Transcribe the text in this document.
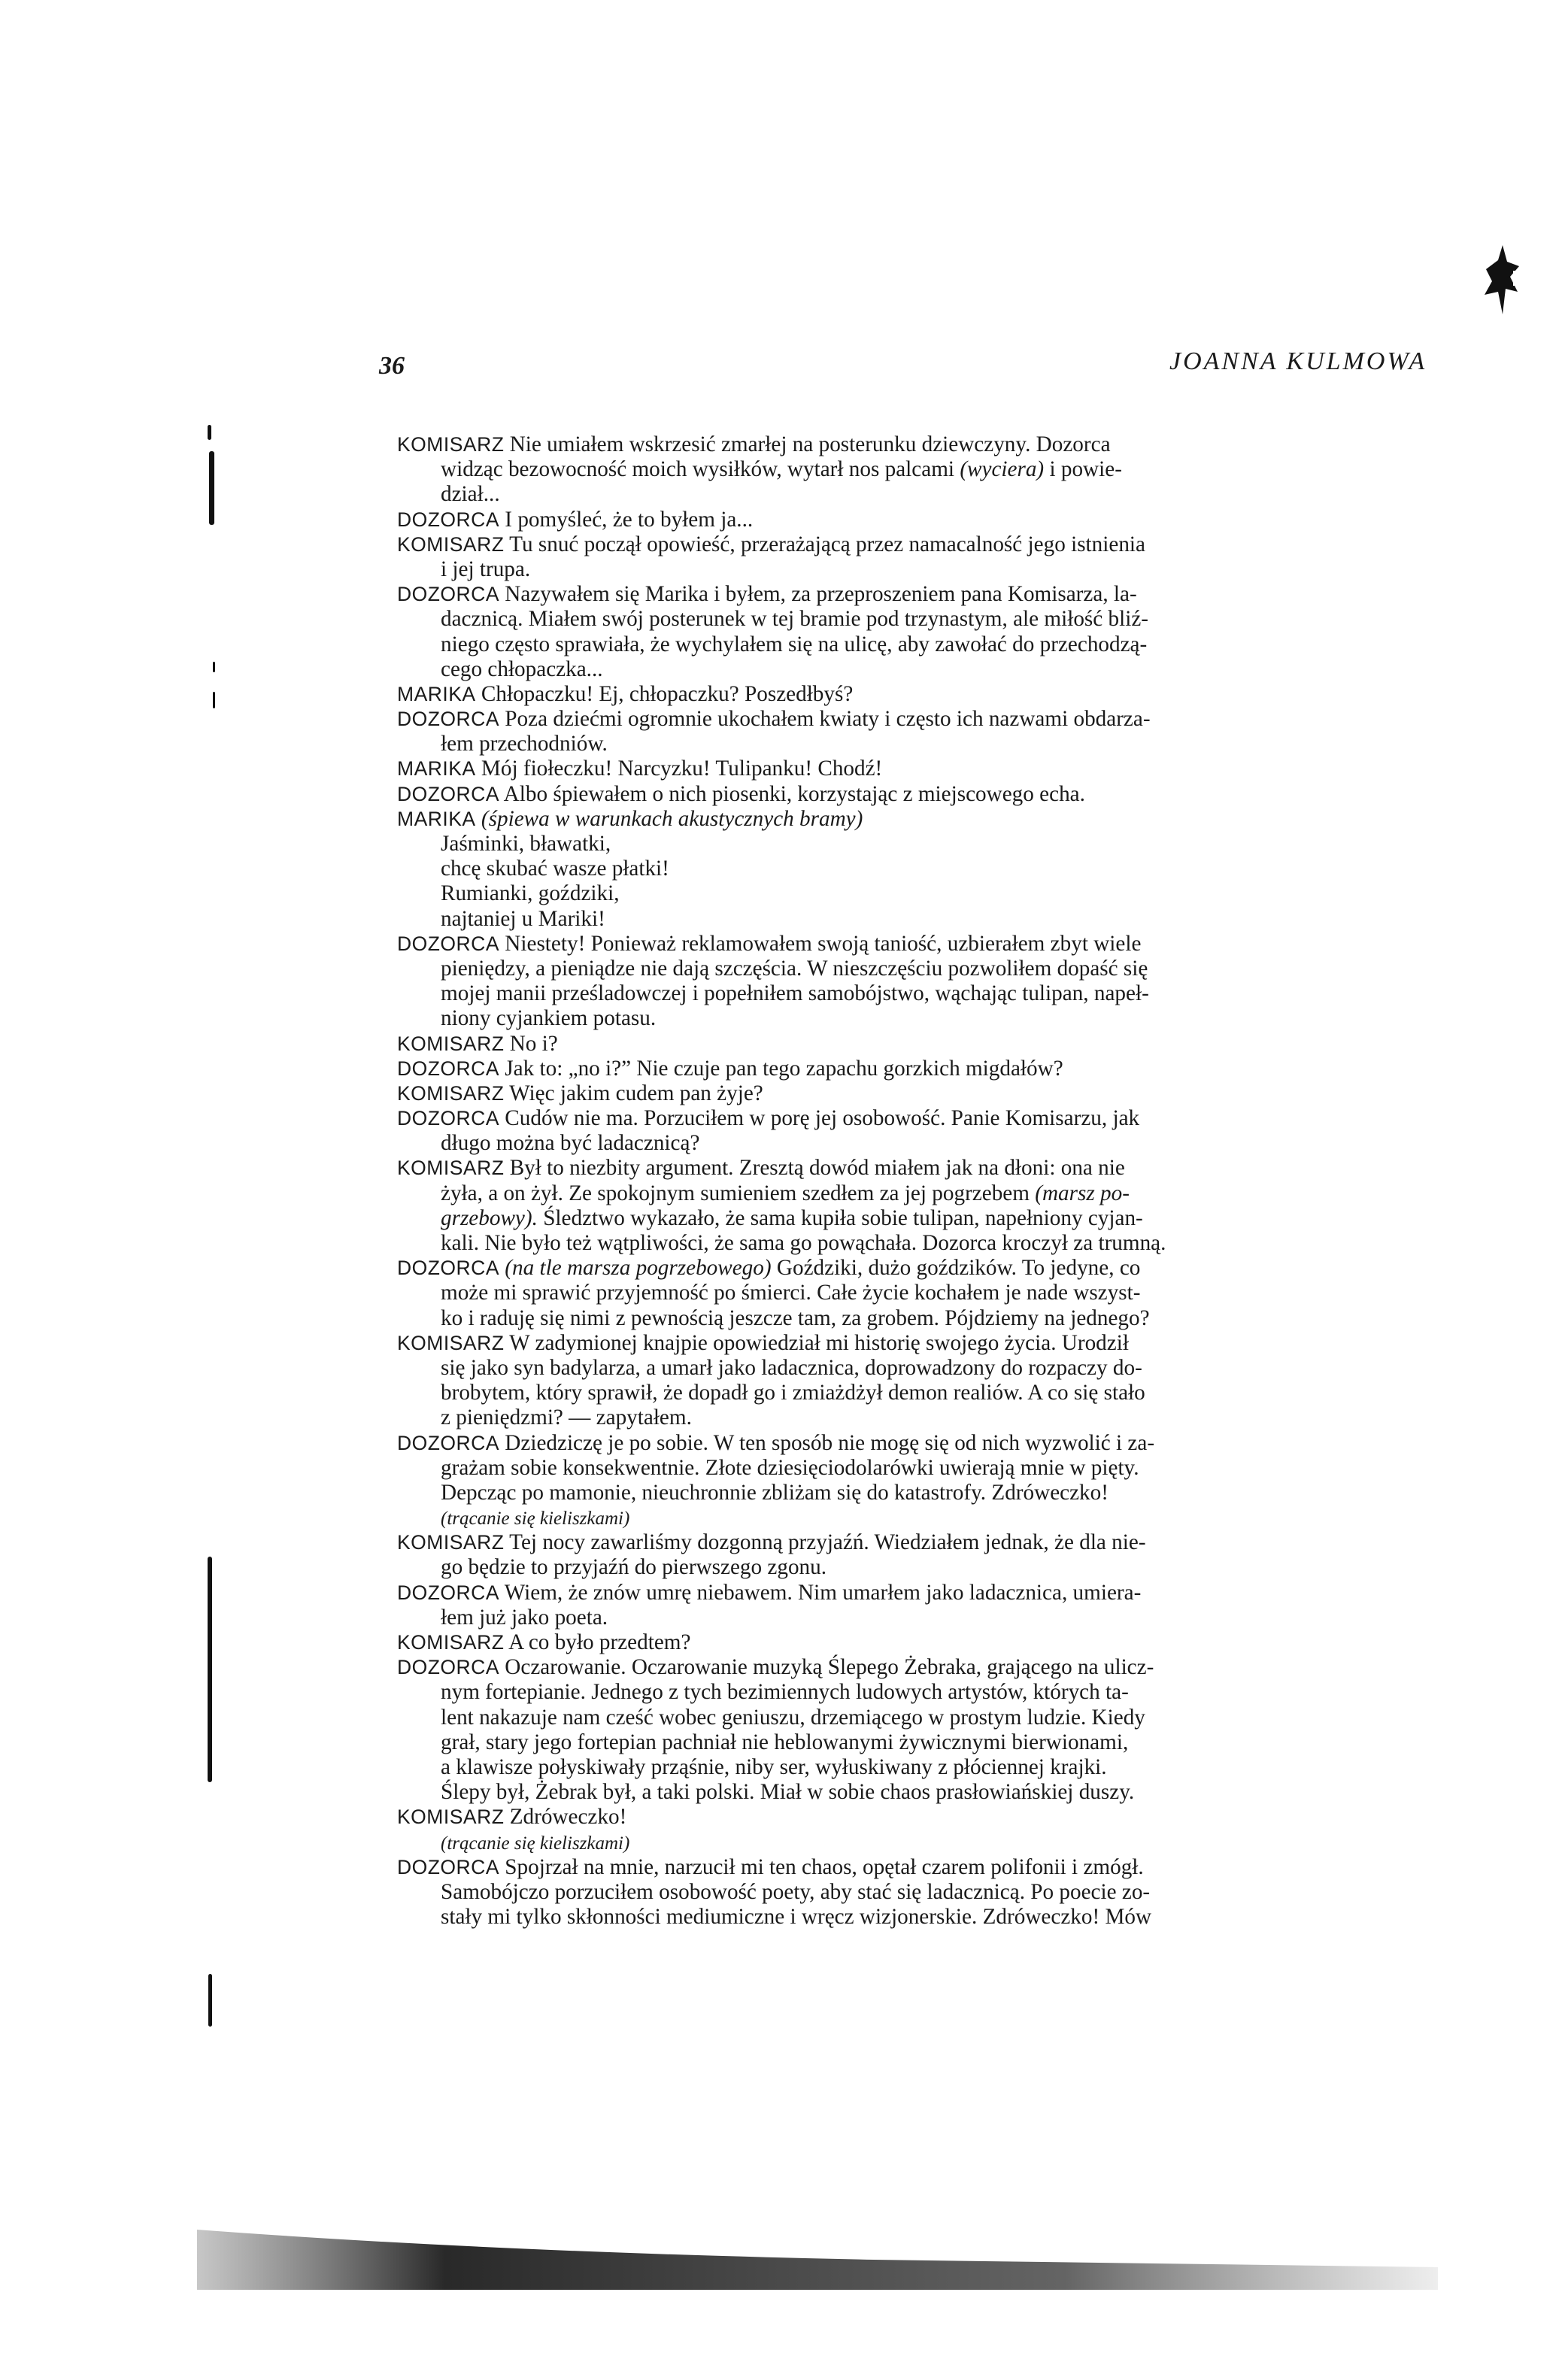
36	JOANNA KULMOWA
KOMISARZ Nie umiałem wskrzesić zmarłej na posterunku dziewczyny. Dozorca
widząc bezowocność moich wysiłków, wytarł nos palcami (wyciera) i powie-
dział...
DOZORCA I pomyśleć, że to byłem ja...
KOMISARZ Tu snuć począł opowieść, przerażającą przez namacalność jego istnienia
i jej trupa.
DOZORCA Nazywałem się Marika i byłem, za przeproszeniem pana Komisarza, la-
dacznicą. Miałem swój posterunek w tej bramie pod trzynastym, ale miłość bliź-
niego często sprawiała, że wychylałem się na ulicę, aby zawołać do przechodzą-
cego chłopaczka...
MARIKA Chłopaczku! Ej, chłopaczku? Poszedłbyś?
DOZORCA Poza dziećmi ogromnie ukochałem kwiaty i często ich nazwami obdarza-
łem przechodniów.
MARIKA Mój fiołeczku! Narcyzku! Tulipanku! Chodź!
DOZORCA Albo śpiewałem o nich piosenki, korzystając z miejscowego echa.
MARIKA (śpiewa w warunkach akustycznych bramy)
Jaśminki, bławatki,
chcę skubać wasze płatki!
Rumianki, goździki,
najtaniej u Mariki!
DOZORCA Niestety! Ponieważ reklamowałem swoją taniość, uzbierałem zbyt wiele
pieniędzy, a pieniądze nie dają szczęścia. W nieszczęściu pozwoliłem dopaść się
mojej manii prześladowczej i popełniłem samobójstwo, wąchając tulipan, napeł-
niony cyjankiem potasu.
KOMISARZ No i?
DOZORCA Jak to: „no i?” Nie czuje pan tego zapachu gorzkich migdałów?
KOMISARZ Więc jakim cudem pan żyje?
DOZORCA Cudów nie ma. Porzuciłem w porę jej osobowość. Panie Komisarzu, jak
długo można być ladacznicą?
KOMISARZ Był to niezbity argument. Zresztą dowód miałem jak na dłoni: ona nie
żyła, a on żył. Ze spokojnym sumieniem szedłem za jej pogrzebem (marsz po-
grzebowy). Śledztwo wykazało, że sama kupiła sobie tulipan, napełniony cyjan-
kali. Nie było też wątpliwości, że sama go powąchała. Dozorca kroczył za trumną.
DOZORCA (na tle marsza pogrzebowego) Goździki, dużo goździków. To jedyne, co
może mi sprawić przyjemność po śmierci. Całe życie kochałem je nade wszyst-
ko i raduję się nimi z pewnością jeszcze tam, za grobem. Pójdziemy na jednego?
KOMISARZ W zadymionej knajpie opowiedział mi historię swojego życia. Urodził
się jako syn badylarza, a umarł jako ladacznica, doprowadzony do rozpaczy do-
brobytem, który sprawił, że dopadł go i zmiażdżył demon realiów. A co się stało
z pieniędzmi? — zapytałem.
DOZORCA Dziedziczę je po sobie. W ten sposób nie mogę się od nich wyzwolić i za-
grażam sobie konsekwentnie. Złote dziesięciodolarówki uwierają mnie w pięty.
Depcząc po mamonie, nieuchronnie zbliżam się do katastrofy. Zdróweczko!
(trącanie się kieliszkami)
KOMISARZ Tej nocy zawarliśmy dozgonną przyjaźń. Wiedziałem jednak, że dla nie-
go będzie to przyjaźń do pierwszego zgonu.
DOZORCA Wiem, że znów umrę niebawem. Nim umarłem jako ladacznica, umiera-
łem już jako poeta.
KOMISARZ A co było przedtem?
DOZORCA Oczarowanie. Oczarowanie muzyką Ślepego Żebraka, grającego na ulicz-
nym fortepianie. Jednego z tych bezimiennych ludowych artystów, których ta-
lent nakazuje nam cześć wobec geniuszu, drzemiącego w prostym ludzie. Kiedy
grał, stary jego fortepian pachniał nie heblowanymi żywicznymi bierwionami,
a klawisze połyskiwały prząśnie, niby ser, wyłuskiwany z płóciennej krajki.
Ślepy był, Żebrak był, a taki polski. Miał w sobie chaos prasłowiańskiej duszy.
KOMISARZ Zdróweczko!
(trącanie się kieliszkami)
DOZORCA Spojrzał na mnie, narzucił mi ten chaos, opętał czarem polifonii i zmógł.
Samobójczo porzuciłem osobowość poety, aby stać się ladacznicą. Po poecie zo-
stały mi tylko skłonności mediumiczne i wręcz wizjonerskie. Zdróweczko! Mów
